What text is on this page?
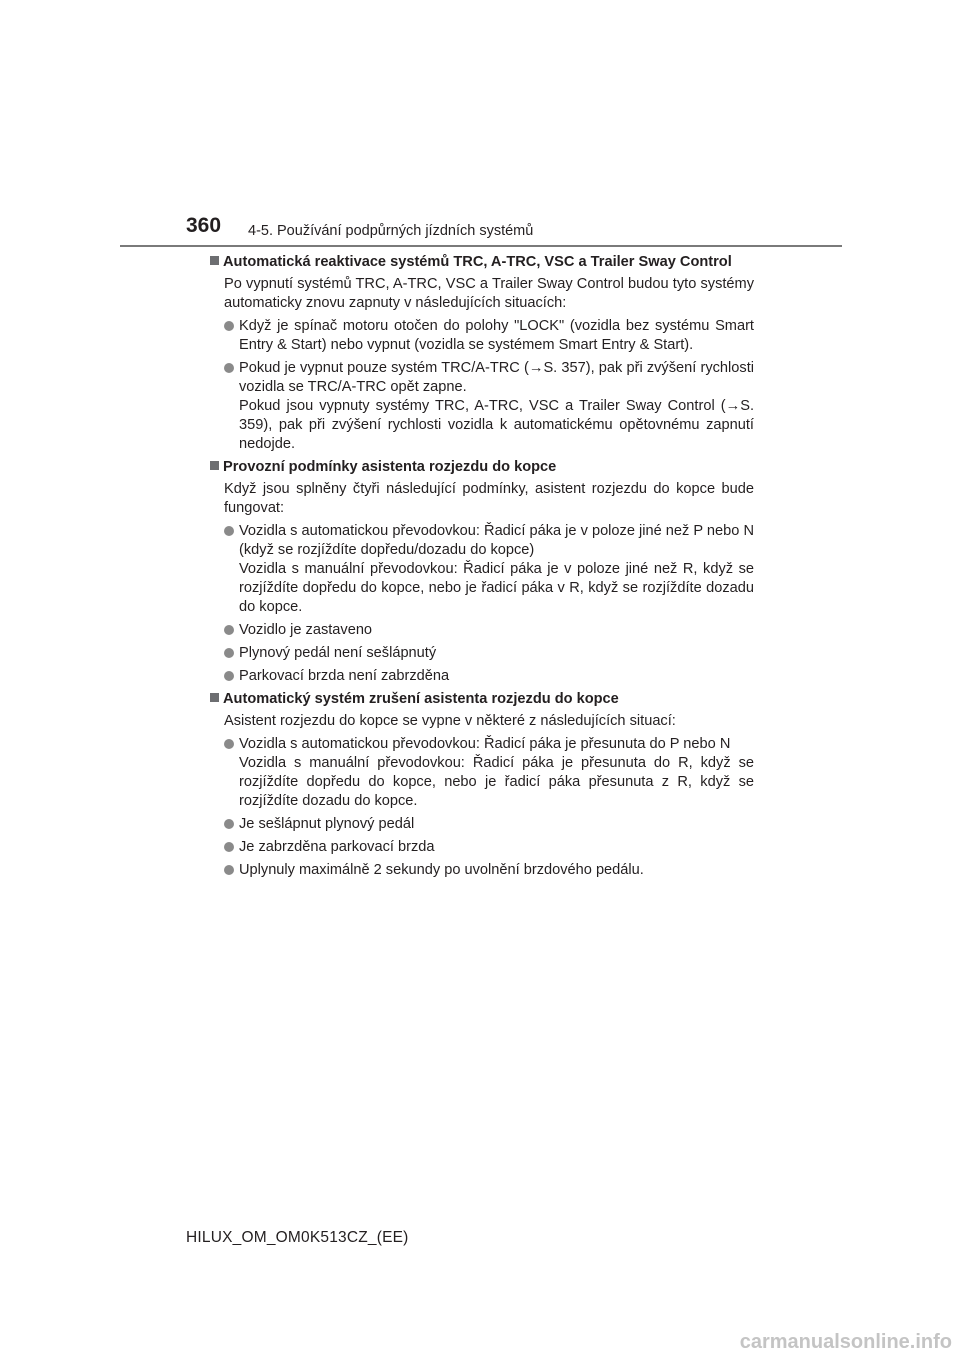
360 4-5. Používání podpůrných jízdních systémů
Automatická reaktivace systémů TRC, A-TRC, VSC a Trailer Sway Control
Po vypnutí systémů TRC, A-TRC, VSC a Trailer Sway Control budou tyto systémy automaticky znovu zapnuty v následujících situacích:

Když je spínač motoru otočen do polohy "LOCK" (vozidla bez systému Smart Entry & Start) nebo vypnut (vozidla se systémem Smart Entry & Start).

Pokud je vypnut pouze systém TRC/A-TRC (→S. 357), pak při zvýšení rychlosti vozidla se TRC/A-TRC opět zapne.

Pokud jsou vypnuty systémy TRC, A-TRC, VSC a Trailer Sway Control (→S. 359), pak při zvýšení rychlosti vozidla k automatickému opětovnému zapnutí nedojde.

Provozní podmínky asistenta rozjezdu do kopce
Když jsou splněny čtyři následující podmínky, asistent rozjezdu do kopce bude fungovat:

Vozidla s automatickou převodovkou: Řadicí páka je v poloze jiné než P nebo N (když se rozjíždíte dopředu/dozadu do kopce)

Vozidla s manuální převodovkou: Řadicí páka je v poloze jiné než R, když se rozjíždíte dopředu do kopce, nebo je řadicí páka v R, když se rozjíždíte dozadu do kopce.

Vozidlo je zastaveno

Plynový pedál není sešlápnutý

Parkovací brzda není zabrzděna

Automatický systém zrušení asistenta rozjezdu do kopce
Asistent rozjezdu do kopce se vypne v některé z následujících situací:

Vozidla s automatickou převodovkou: Řadicí páka je přesunuta do P nebo N

Vozidla s manuální převodovkou: Řadicí páka je přesunuta do R, když se rozjíždíte dopředu do kopce, nebo je řadicí páka přesunuta z R, když se rozjíždíte dozadu do kopce.

Je sešlápnut plynový pedál

Je zabrzděna parkovací brzda

Uplynuly maximálně 2 sekundy po uvolnění brzdového pedálu.

HILUX_OM_OM0K513CZ_(EE)
carmanualsonline.info
